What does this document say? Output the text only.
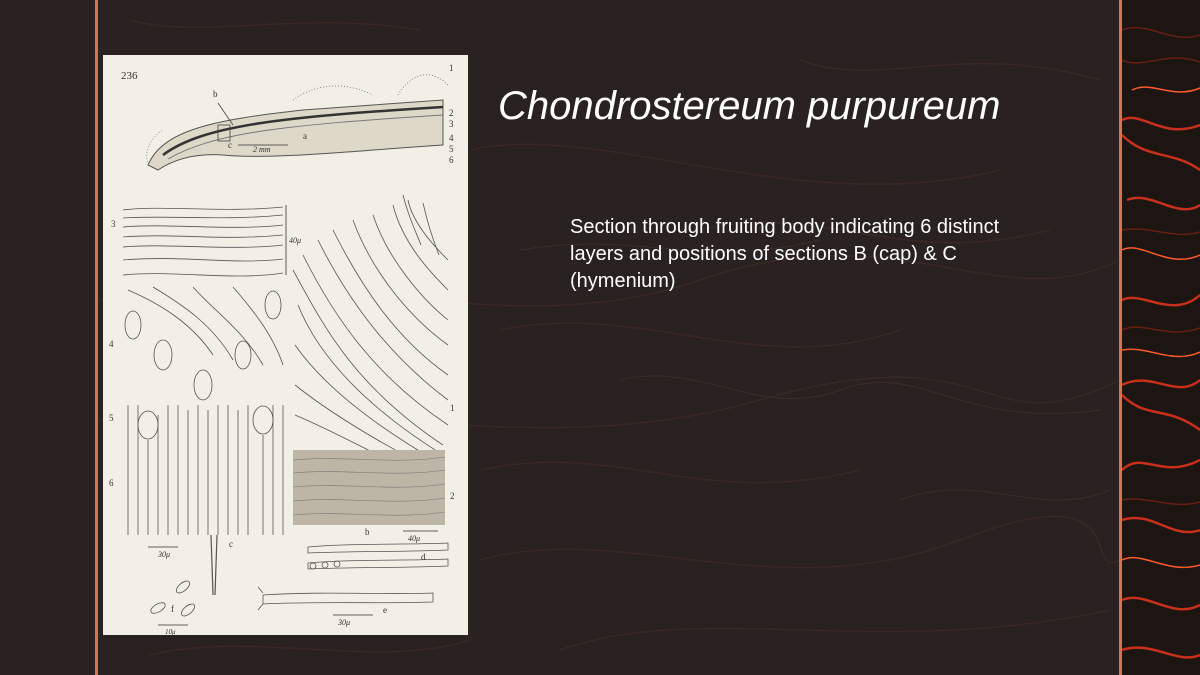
236
b
c
a
2 mm
1
2
3
4
5
6
40μ
3
4
5
6
30μ
c
1
2
b
40μ
d
e
30μ
f
10μ
Chondrostereum purpureum

Section through fruiting body indicating 6 distinct layers and positions of sections B (cap) & C (hymenium)
